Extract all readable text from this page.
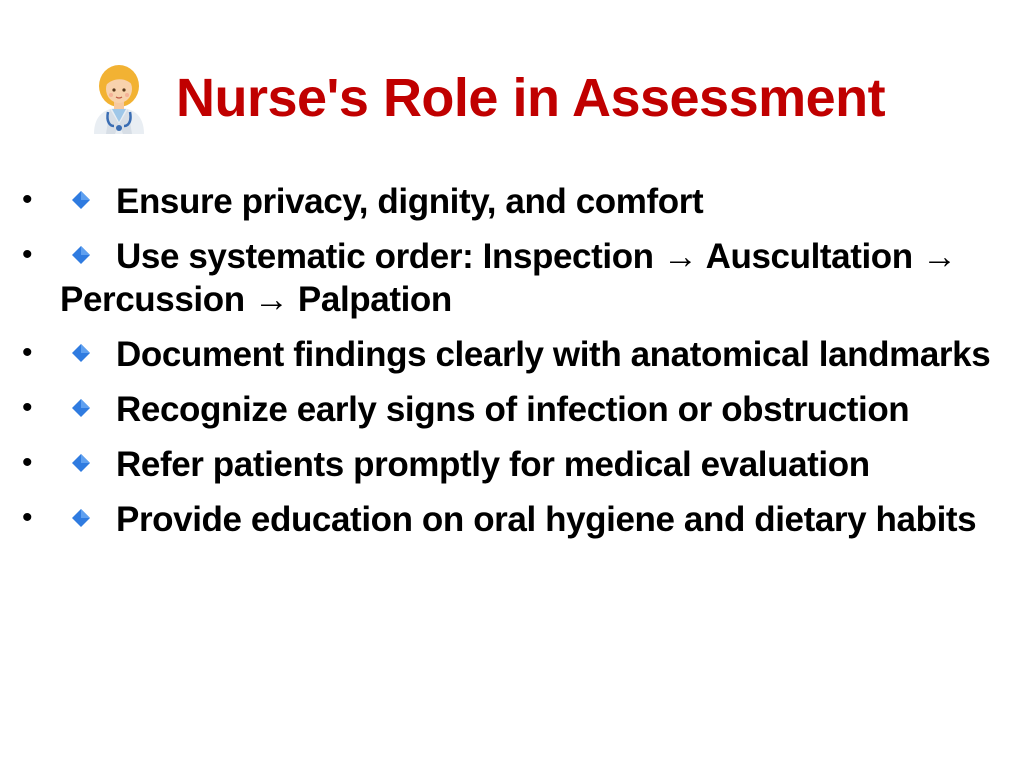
Nurse's Role in Assessment
• Ensure privacy, dignity, and comfort
• Use systematic order: Inspection → Auscultation → Percussion → Palpation
• Document findings clearly with anatomical landmarks
• Recognize early signs of infection or obstruction
• Refer patients promptly for medical evaluation
• Provide education on oral hygiene and dietary habits
